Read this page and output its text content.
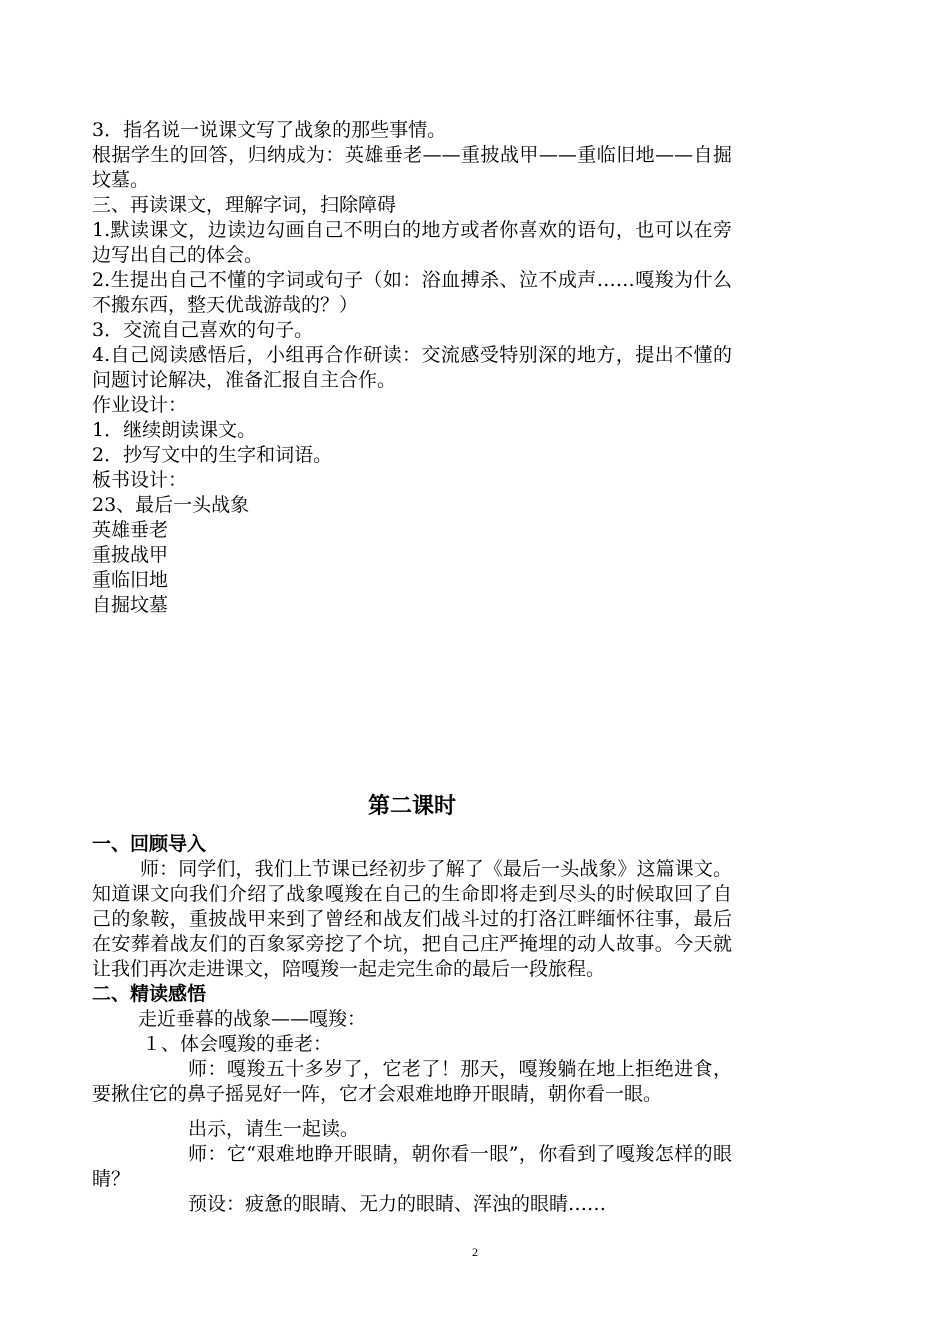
3．指名说一说课文写了战象的那些事情。

根据学生的回答，归纳成为：英雄垂老——重披战甲——重临旧地——自掘坟墓。

三、再读课文，理解字词，扫除障碍

1.默读课文，边读边勾画自己不明白的地方或者你喜欢的语句，也可以在旁边写出自己的体会。

2.生提出自己不懂的字词或句子（如：浴血搏杀、泣不成声……嘎羧为什么不搬东西，整天优哉游哉的？）

3．交流自己喜欢的句子。

4.自己阅读感悟后，小组再合作研读：交流感受特别深的地方，提出不懂的问题讨论解决，准备汇报自主合作。

作业设计：

1．继续朗读课文。

2．抄写文中的生字和词语。

板书设计：

23、最后一头战象

英雄垂老

重披战甲

重临旧地

自掘坟墓

第二课时

一、回顾导入

师：同学们，我们上节课已经初步了解了《最后一头战象》这篇课文。知道课文向我们介绍了战象嘎羧在自己的生命即将走到尽头的时候取回了自己的象鞍，重披战甲来到了曾经和战友们战斗过的打洛江畔缅怀往事，最后在安葬着战友们的百象冢旁挖了个坑，把自己庄严掩埋的动人故事。今天就让我们再次走进课文，陪嘎羧一起走完生命的最后一段旅程。

二、精读感悟

走近垂暮的战象——嘎羧：

１、体会嘎羧的垂老：

师：嘎羧五十多岁了，它老了！那天，嘎羧躺在地上拒绝进食，要揪住它的鼻子摇晃好一阵，它才会艰难地睁开眼睛，朝你看一眼。

出示，请生一起读。

师：它“艰难地睁开眼睛，朝你看一眼”，你看到了嘎羧怎样的眼睛？

预设：疲惫的眼睛、无力的眼睛、浑浊的眼睛……

2
